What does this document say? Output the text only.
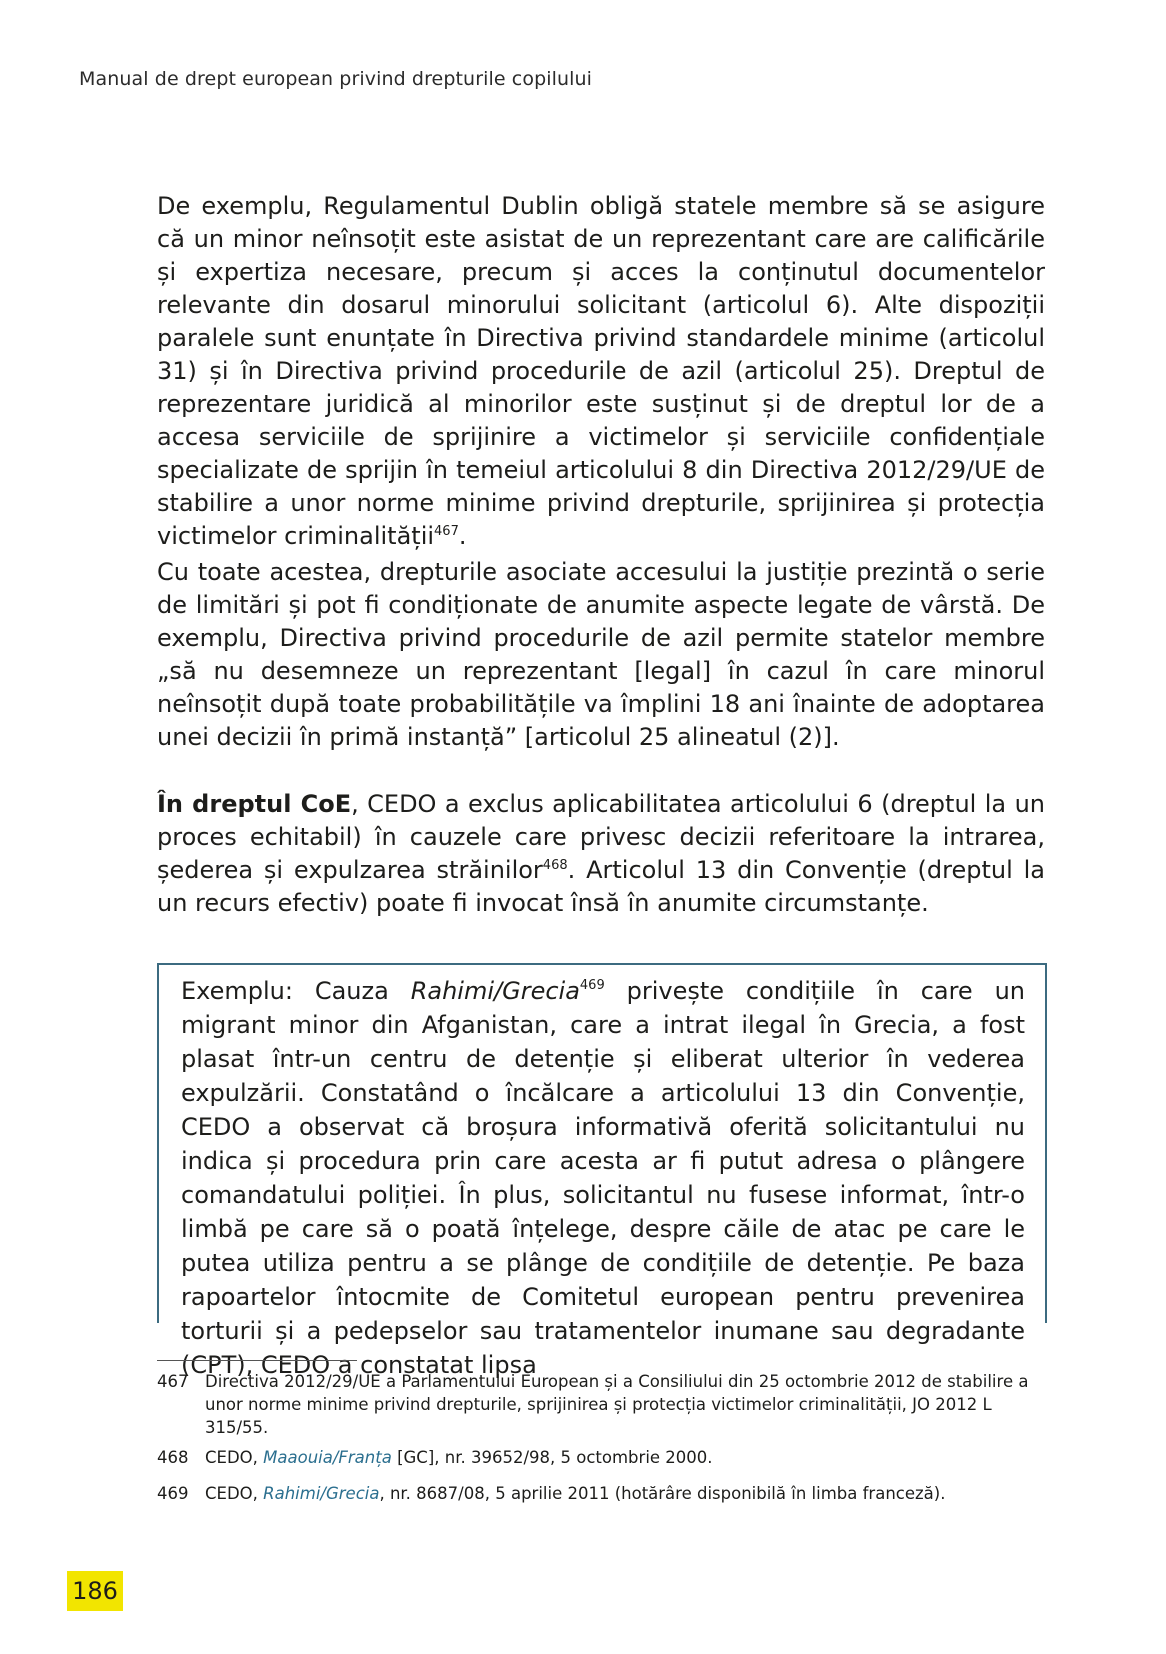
Manual de drept european privind drepturile copilului

De exemplu, Regulamentul Dublin obligă statele membre să se asigure că un minor neînsoțit este asistat de un reprezentant care are calificările și expertiza necesare, precum și acces la conținutul documentelor relevante din dosarul minorului solicitant (articolul 6). Alte dispoziții paralele sunt enunțate în Directiva privind standardele minime (articolul 31) și în Directiva privind procedurile de azil (articolul 25). Dreptul de reprezentare juridică al minorilor este susținut și de dreptul lor de a accesa serviciile de sprijinire a victimelor și serviciile confidențiale specializate de sprijin în temeiul articolului 8 din Directiva 2012/29/UE de stabilire a unor norme minime privind drepturile, sprijinirea și protecția victimelor criminalității$^{467}$.

Cu toate acestea, drepturile asociate accesului la justiție prezintă o serie de limitări și pot fi condiționate de anumite aspecte legate de vârstă. De exemplu, Directiva privind procedurile de azil permite statelor membre „să nu desemneze un reprezentant [legal] în cazul în care minorul neînsoțit după toate probabilitățile va împlini 18 ani înainte de adoptarea unei decizii în primă instanță” [articolul 25 alineatul (2)].

În dreptul CoE, CEDO a exclus aplicabilitatea articolului 6 (dreptul la un proces echitabil) în cauzele care privesc decizii referitoare la intrarea, șederea și expulzarea străinilor$^{468}$. Articolul 13 din Convenție (dreptul la un recurs efectiv) poate fi invocat însă în anumite circumstanțe.

Exemplu: Cauza Rahimi/Grecia$^{469}$ privește condițiile în care un migrant minor din Afganistan, care a intrat ilegal în Grecia, a fost plasat într-un centru de detenție și eliberat ulterior în vederea expulzării. Constatând o încălcare a articolului 13 din Convenție, CEDO a observat că broșura informativă oferită solicitantului nu indica și procedura prin care acesta ar fi putut adresa o plângere comandatului poliției. În plus, solicitantul nu fusese informat, într-o limbă pe care să o poată înțelege, despre căile de atac pe care le putea utiliza pentru a se plânge de condițiile de detenție. Pe baza rapoartelor întocmite de Comitetul european pentru prevenirea torturii și a pedepselor sau tratamentelor inumane sau degradante (CPT), CEDO a constatat lipsa

467	Directiva 2012/29/UE a Parlamentului European și a Consiliului din 25 octombrie 2012 de stabilire a unor norme minime privind drepturile, sprijinirea și protecția victimelor criminalității, JO 2012 L 315/55.
468	CEDO, Maaouia/Franța [GC], nr. 39652/98, 5 octombrie 2000.
469	CEDO, Rahimi/Grecia, nr. 8687/08, 5 aprilie 2011 (hotărâre disponibilă în limba franceză).
186
